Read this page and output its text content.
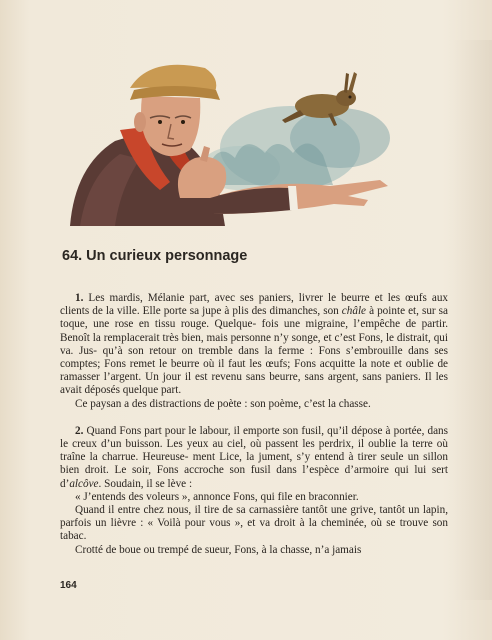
64. Un curieux personnage

1. Les mardis, Mélanie part, avec ses paniers, livrer le beurre et les œufs aux clients de la ville. Elle porte sa jupe à plis des dimanches, son châle à pointe et, sur sa toque, une rose en tissu rouge. Quelque- fois une migraine, l’empêche de partir. Benoît la remplacerait très bien, mais personne n’y songe, et c’est Fons, le distrait, qui va. Jus- qu’à son retour on tremble dans la ferme : Fons s’embrouille dans ses comptes; Fons remet le beurre où il faut les œufs; Fons acquitte la note et oublie de ramasser l’argent. Un jour il est revenu sans beurre, sans argent, sans paniers. Il les avait déposés quelque part.

Ce paysan a des distractions de poète : son poème, c’est la chasse.

2. Quand Fons part pour le labour, il emporte son fusil, qu’il dépose à portée, dans le creux d’un buisson. Les yeux au ciel, où passent les perdrix, il oublie la terre où traîne la charrue. Heureuse- ment Lice, la jument, s’y entend à tirer seule un sillon bien droit. Le soir, Fons accroche son fusil dans l’espèce d’armoire qui lui sert d’alcôve. Soudain, il se lève :

« J’entends des voleurs », annonce Fons, qui file en braconnier.

Quand il entre chez nous, il tire de sa carnassière tantôt une grive, tantôt un lapin, parfois un lièvre : « Voilà pour vous », et va droit à la cheminée, où se trouve son tabac.

Crotté de boue ou trempé de sueur, Fons, à la chasse, n’a jamais

164
